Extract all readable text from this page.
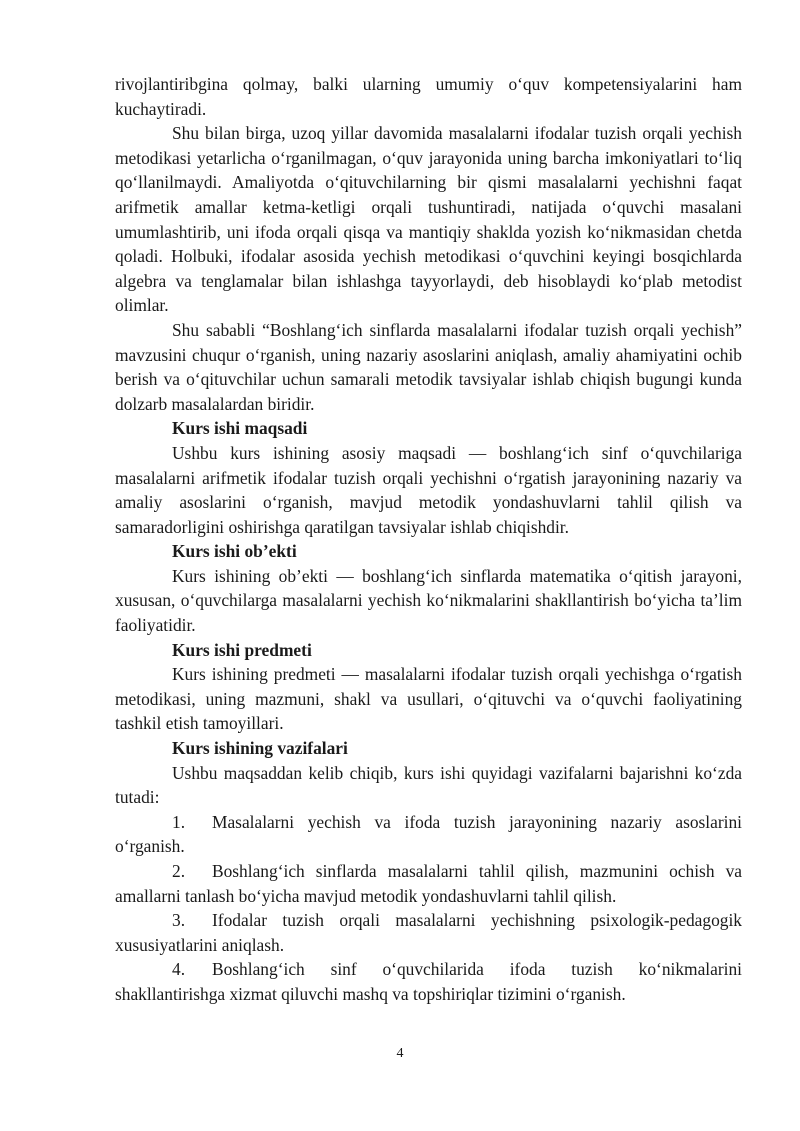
rivojlantiribgina qolmay, balki ularning umumiy o‘quv kompetensiyalarini ham kuchaytiradi.

Shu bilan birga, uzoq yillar davomida masalalarni ifodalar tuzish orqali yechish metodikasi yetarlicha o‘rganilmagan, o‘quv jarayonida uning barcha imkoniyatlari to‘liq qo‘llanilmaydi. Amaliyotda o‘qituvchilarning bir qismi masalalarni yechishni faqat arifmetik amallar ketma-ketligi orqali tushuntiradi, natijada o‘quvchi masalani umumlashtirib, uni ifoda orqali qisqa va mantiqiy shaklda yozish ko‘nikmasidan chetda qoladi. Holbuki, ifodalar asosida yechish metodikasi o‘quvchini keyingi bosqichlarda algebra va tenglamalar bilan ishlashga tayyorlaydi, deb hisoblaydi ko‘plab metodist olimlar.

Shu sababli “Boshlang‘ich sinflarda masalalarni ifodalar tuzish orqali yechish” mavzusini chuqur o‘rganish, uning nazariy asoslarini aniqlash, amaliy ahamiyatini ochib berish va o‘qituvchilar uchun samarali metodik tavsiyalar ishlab chiqish bugungi kunda dolzarb masalalardan biridir.

Kurs ishi maqsadi

Ushbu kurs ishining asosiy maqsadi — boshlang‘ich sinf o‘quvchilariga masalalarni arifmetik ifodalar tuzish orqali yechishni o‘rgatish jarayonining nazariy va amaliy asoslarini o‘rganish, mavjud metodik yondashuvlarni tahlil qilish va samaradorligini oshirishga qaratilgan tavsiyalar ishlab chiqishdir.

Kurs ishi ob’ekti

Kurs ishining ob’ekti — boshlang‘ich sinflarda matematika o‘qitish jarayoni, xususan, o‘quvchilarga masalalarni yechish ko‘nikmalarini shakllantirish bo‘yicha ta’lim faoliyatidir.

Kurs ishi predmeti

Kurs ishining predmeti — masalalarni ifodalar tuzish orqali yechishga o‘rgatish metodikasi, uning mazmuni, shakl va usullari, o‘qituvchi va o‘quvchi faoliyatining tashkil etish tamoyillari.

Kurs ishining vazifalari

Ushbu maqsaddan kelib chiqib, kurs ishi quyidagi vazifalarni bajarishni ko‘zda tutadi:

1. Masalalarni yechish va ifoda tuzish jarayonining nazariy asoslarini o‘rganish.

2. Boshlang‘ich sinflarda masalalarni tahlil qilish, mazmunini ochish va amallarni tanlash bo‘yicha mavjud metodik yondashuvlarni tahlil qilish.

3. Ifodalar tuzish orqali masalalarni yechishning psixologik-pedagogik xususiyatlarini aniqlash.

4. Boshlang‘ich sinf o‘quvchilarida ifoda tuzish ko‘nikmalarini shakllantirishga xizmat qiluvchi mashq va topshiriqlar tizimini o‘rganish.

4
